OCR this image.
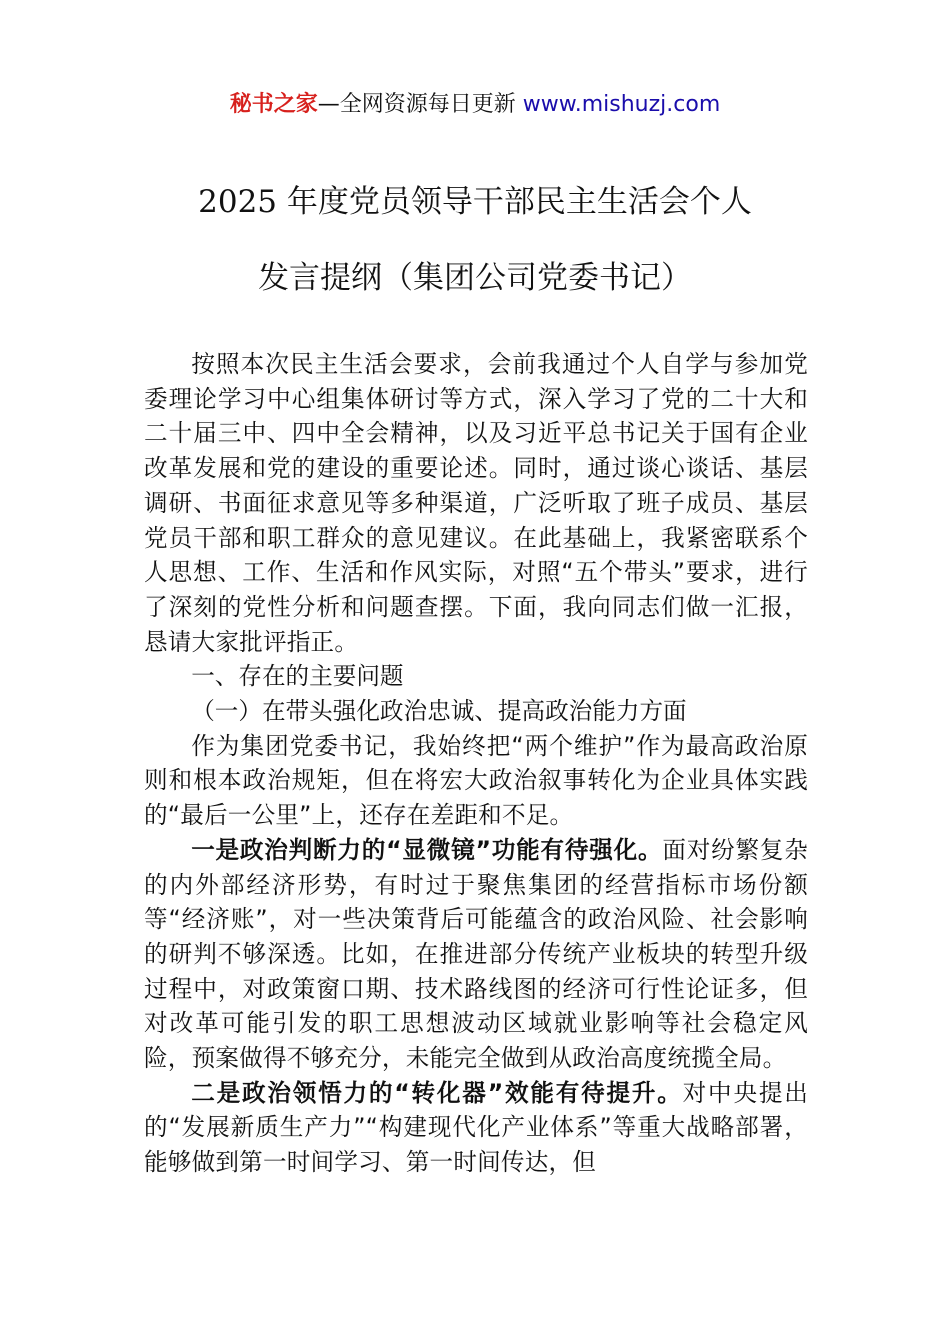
秘书之家—全网资源每日更新 www.mishuzj.com
2025 年度党员领导干部民主生活会个人
发言提纲（集团公司党委书记）

按照本次民主生活会要求，会前我通过个人自学与参加党委理论学习中心组集体研讨等方式，深入学习了党的二十大和二十届三中、四中全会精神，以及习近平总书记关于国有企业改革发展和党的建设的重要论述。同时，通过谈心谈话、基层调研、书面征求意见等多种渠道，广泛听取了班子成员、基层党员干部和职工群众的意见建议。在此基础上，我紧密联系个人思想、工作、生活和作风实际，对照“五个带头”要求，进行了深刻的党性分析和问题查摆。下面，我向同志们做一汇报，恳请大家批评指正。

一、存在的主要问题

（一）在带头强化政治忠诚、提高政治能力方面

作为集团党委书记，我始终把“两个维护”作为最高政治原则和根本政治规矩，但在将宏大政治叙事转化为企业具体实践的“最后一公里”上，还存在差距和不足。

一是政治判断力的“显微镜”功能有待强化。面对纷繁复杂的内外部经济形势，有时过于聚焦集团的经营指标市场份额等“经济账”，对一些决策背后可能蕴含的政治风险、社会影响的研判不够深透。比如，在推进部分传统产业板块的转型升级过程中，对政策窗口期、技术路线图的经济可行性论证多，但对改革可能引发的职工思想波动区域就业影响等社会稳定风险，预案做得不够充分，未能完全做到从政治高度统揽全局。

二是政治领悟力的“转化器”效能有待提升。对中央提出的“发展新质生产力”“构建现代化产业体系”等重大战略部署，能够做到第一时间学习、第一时间传达，但
